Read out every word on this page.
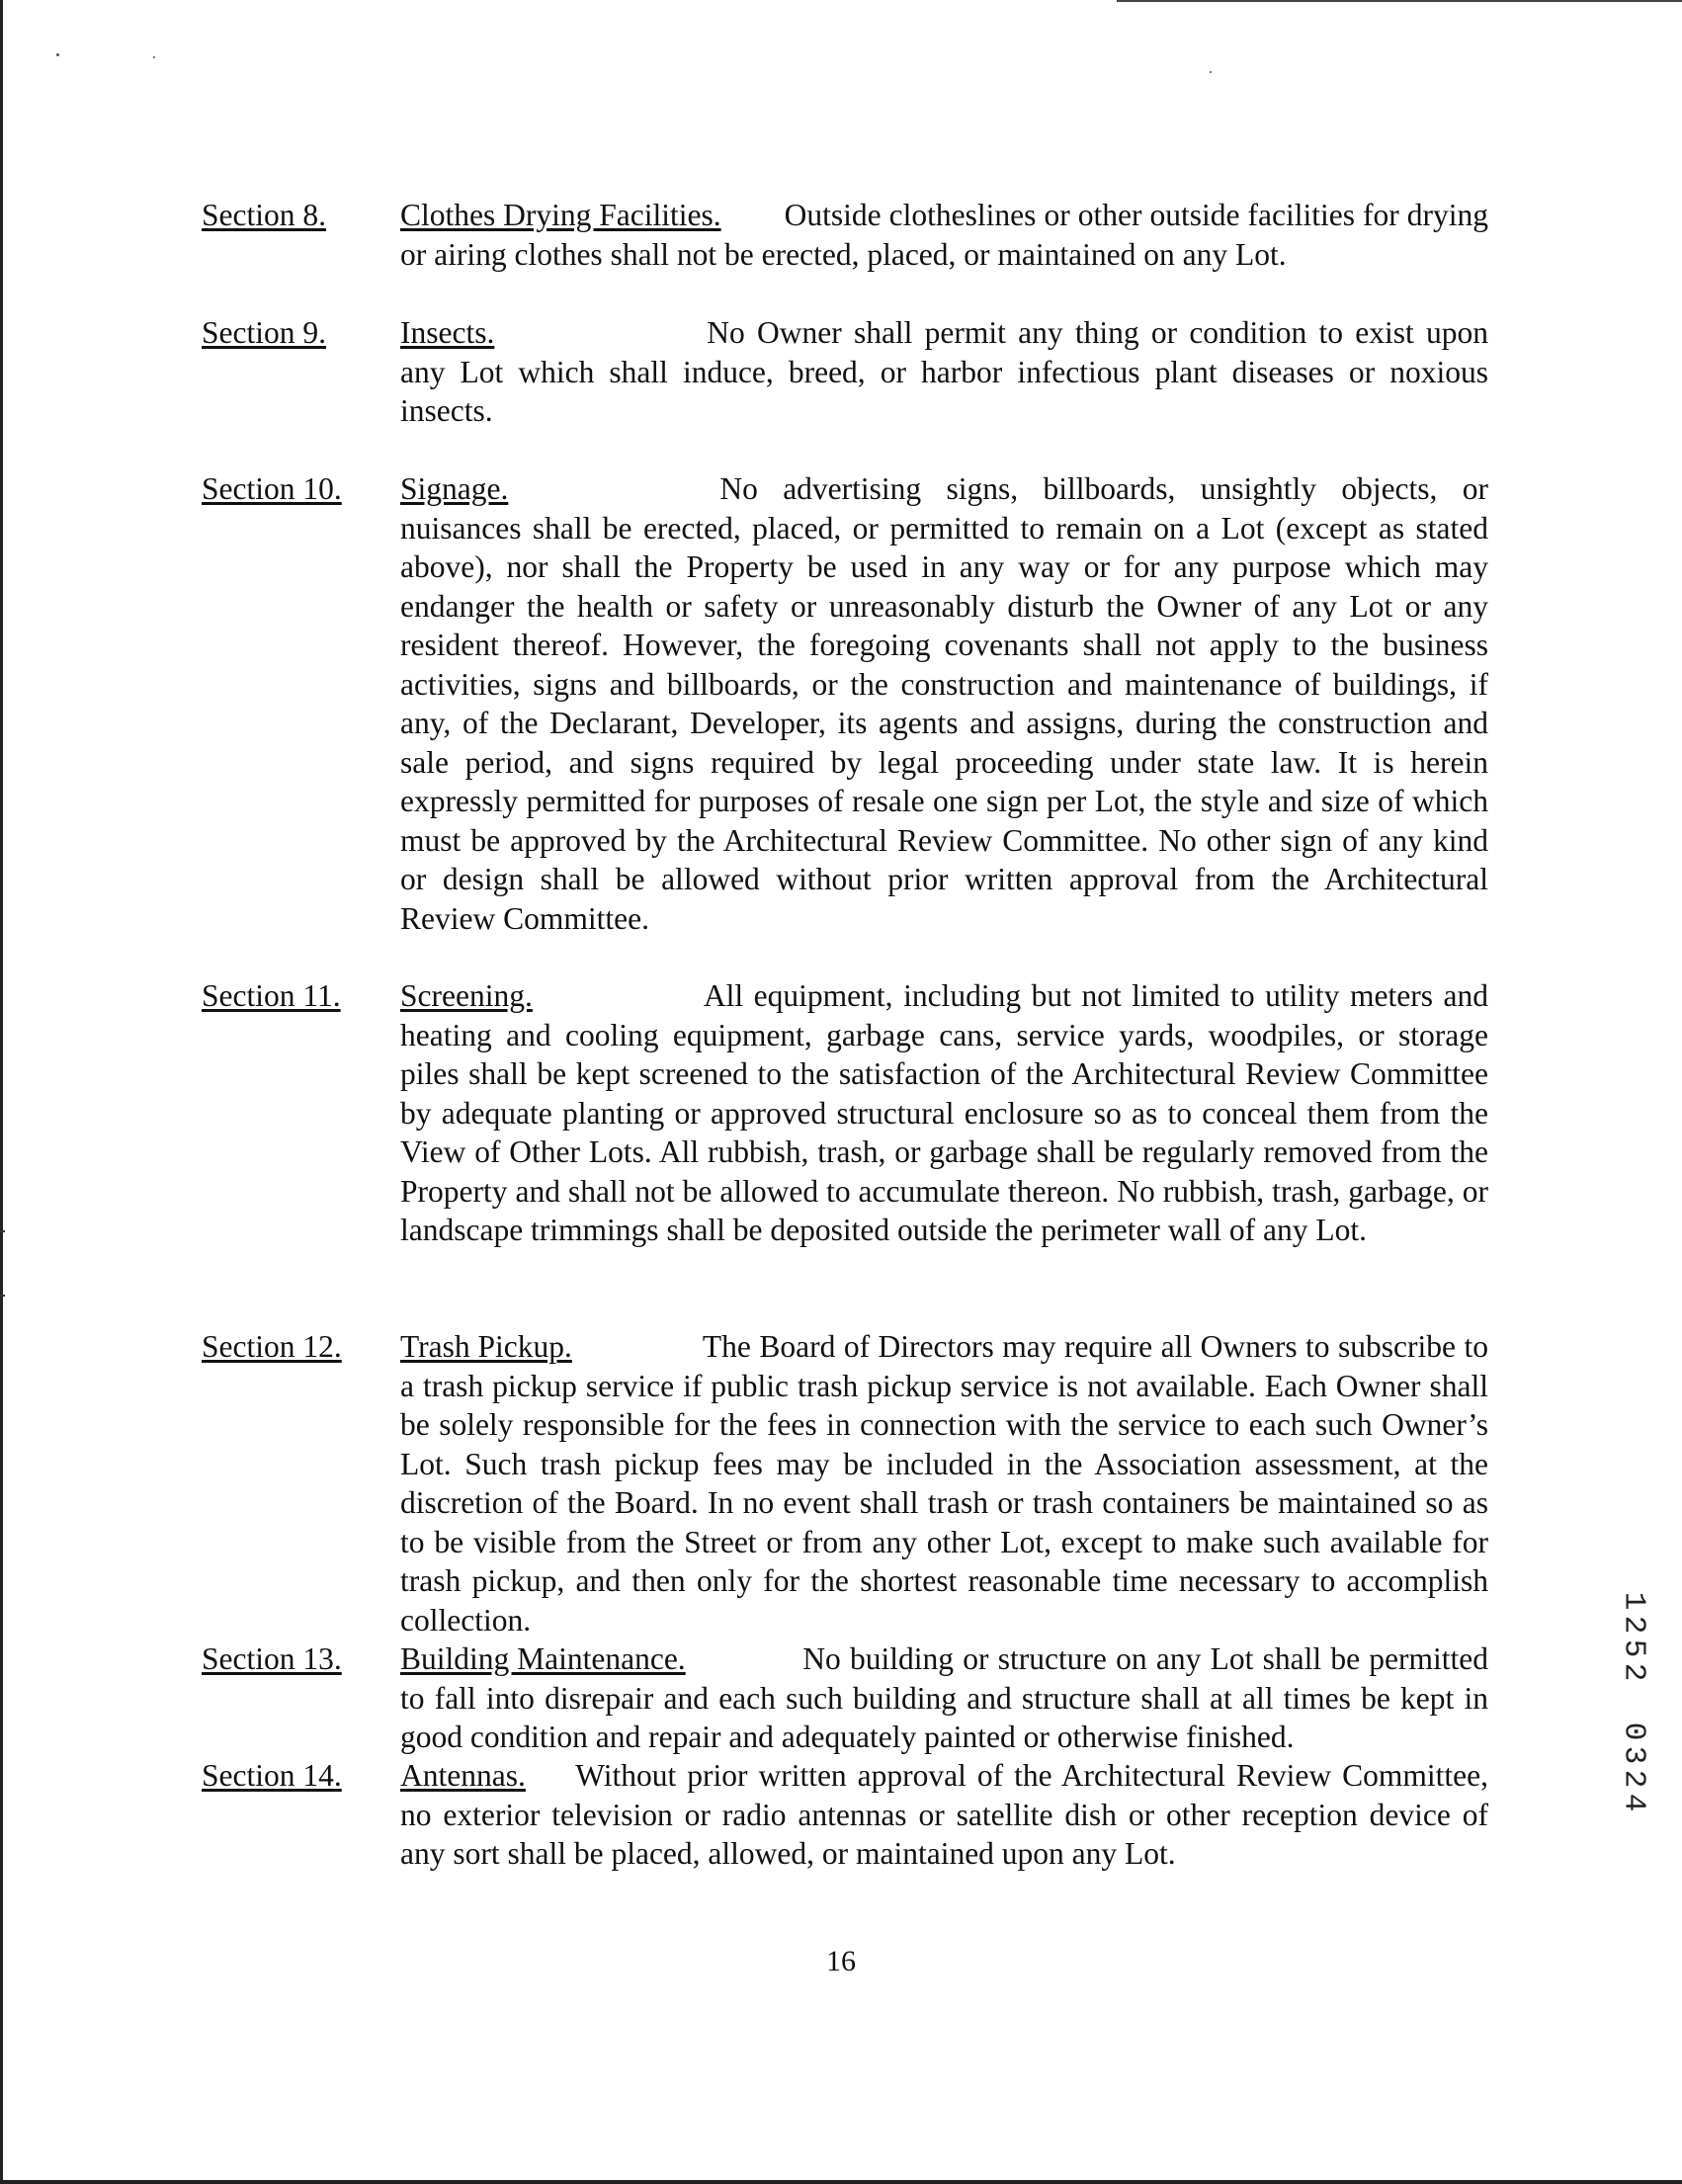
Section 8.	Clothes Drying Facilities. Outside clotheslines or other outside facilities for drying or airing clothes shall not be erected, placed, or maintained on any Lot.
Section 9.	Insects.	No Owner shall permit any thing or condition to exist upon any Lot which shall induce, breed, or harbor infectious plant diseases or noxious insects.
Section 10.	Signage.	No advertising signs, billboards, unsightly objects, or nuisances shall be erected, placed, or permitted to remain on a Lot (except as stated above), nor shall the Property be used in any way or for any purpose which may endanger the health or safety or unreasonably disturb the Owner of any Lot or any resident thereof. However, the foregoing covenants shall not apply to the business activities, signs and billboards, or the construction and maintenance of buildings, if any, of the Declarant, Developer, its agents and assigns, during the construction and sale period, and signs required by legal proceeding under state law. It is herein expressly permitted for purposes of resale one sign per Lot, the style and size of which must be approved by the Architectural Review Committee. No other sign of any kind or design shall be allowed without prior written approval from the Architectural Review Committee.
Section 11.	Screening.	All equipment, including but not limited to utility meters and heating and cooling equipment, garbage cans, service yards, woodpiles, or storage piles shall be kept screened to the satisfaction of the Architectural Review Committee by adequate planting or approved structural enclosure so as to conceal them from the View of Other Lots. All rubbish, trash, or garbage shall be regularly removed from the Property and shall not be allowed to accumulate thereon. No rubbish, trash, garbage, or landscape trimmings shall be deposited outside the perimeter wall of any Lot.
Section 12.	Trash Pickup.	The Board of Directors may require all Owners to subscribe to a trash pickup service if public trash pickup service is not available. Each Owner shall be solely responsible for the fees in connection with the service to each such Owner’s Lot. Such trash pickup fees may be included in the Association assessment, at the discretion of the Board. In no event shall trash or trash containers be maintained so as to be visible from the Street or from any other Lot, except to make such available for trash pickup, and then only for the shortest reasonable time necessary to accomplish collection.
Section 13.	Building Maintenance.	No building or structure on any Lot shall be permitted to fall into disrepair and each such building and structure shall at all times be kept in good condition and repair and adequately painted or otherwise finished.
Section 14.	Antennas. Without prior written approval of the Architectural Review Committee, no exterior television or radio antennas or satellite dish or other reception device of any sort shall be placed, allowed, or maintained upon any Lot.
16
1
2
5
2
0
3
2
4
